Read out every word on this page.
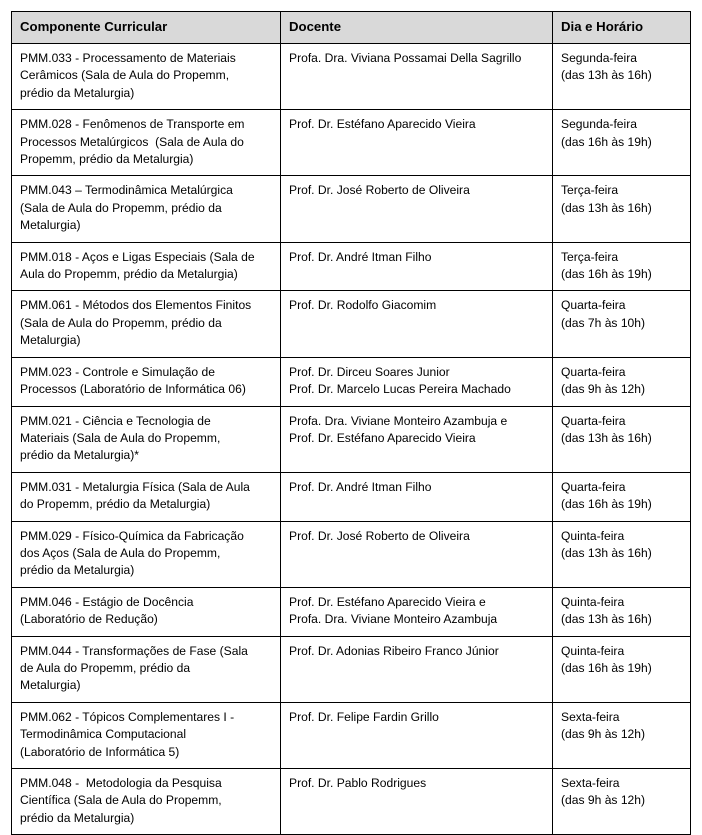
Componente Curricular	Docente	Dia e Horário

PMM.033 - Processamento de Materiais
Cerâmicos (Sala de Aula do Propemm,
prédio da Metalurgia)	Profa. Dra. Viviana Possamai Della Sagrillo	Segunda-feira
(das 13h às 16h)

PMM.028 - Fenômenos de Transporte em
Processos Metalúrgicos  (Sala de Aula do
Propemm, prédio da Metalurgia)	Prof. Dr. Estéfano Aparecido Vieira	Segunda-feira
(das 16h às 19h)

PMM.043 – Termodinâmica Metalúrgica
(Sala de Aula do Propemm, prédio da
Metalurgia)	Prof. Dr. José Roberto de Oliveira	Terça-feira
(das 13h às 16h)

PMM.018 - Aços e Ligas Especiais (Sala de
Aula do Propemm, prédio da Metalurgia)	Prof. Dr. André Itman Filho	Terça-feira
(das 16h às 19h)

PMM.061 - Métodos dos Elementos Finitos
(Sala de Aula do Propemm, prédio da
Metalurgia)	Prof. Dr. Rodolfo Giacomim	Quarta-feira
(das 7h às 10h)

PMM.023 - Controle e Simulação de
Processos (Laboratório de Informática 06)	Prof. Dr. Dirceu Soares Junior
Prof. Dr. Marcelo Lucas Pereira Machado	Quarta-feira
(das 9h às 12h)

PMM.021 - Ciência e Tecnologia de
Materiais (Sala de Aula do Propemm,
prédio da Metalurgia)*	Profa. Dra. Viviane Monteiro Azambuja e
Prof. Dr. Estéfano Aparecido Vieira	Quarta-feira
(das 13h às 16h)

PMM.031 - Metalurgia Física (Sala de Aula
do Propemm, prédio da Metalurgia)	Prof. Dr. André Itman Filho	Quarta-feira
(das 16h às 19h)

PMM.029 - Físico-Química da Fabricação
dos Aços (Sala de Aula do Propemm,
prédio da Metalurgia)	Prof. Dr. José Roberto de Oliveira	Quinta-feira
(das 13h às 16h)

PMM.046 - Estágio de Docência
(Laboratório de Redução)	Prof. Dr. Estéfano Aparecido Vieira e
Profa. Dra. Viviane Monteiro Azambuja	Quinta-feira
(das 13h às 16h)

PMM.044 - Transformações de Fase (Sala
de Aula do Propemm, prédio da
Metalurgia)	Prof. Dr. Adonias Ribeiro Franco Júnior	Quinta-feira
(das 16h às 19h)

PMM.062 - Tópicos Complementares I -
Termodinâmica Computacional
(Laboratório de Informática 5)	Prof. Dr. Felipe Fardin Grillo	Sexta-feira
(das 9h às 12h)

PMM.048 -  Metodologia da Pesquisa
Científica (Sala de Aula do Propemm,
prédio da Metalurgia)	Prof. Dr. Pablo Rodrigues	Sexta-feira
(das 9h às 12h)
